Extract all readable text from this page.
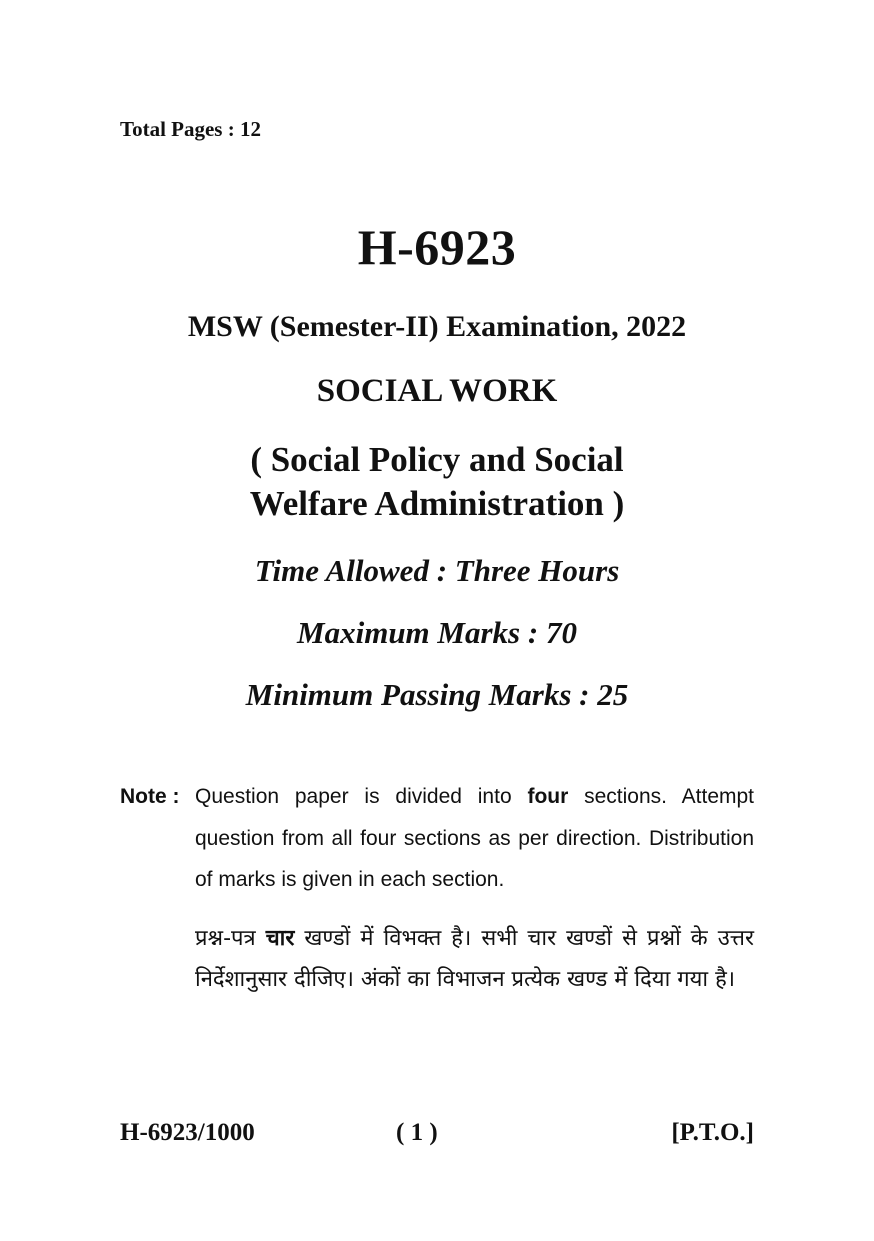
Total Pages : 12
H-6923
MSW (Semester-II) Examination, 2022
SOCIAL WORK
( Social Policy and Social
Welfare Administration )
Time Allowed : Three Hours
Maximum Marks : 70
Minimum Passing Marks : 25
Note : Question paper is divided into four sections. Attempt question from all four sections as per direction. Distribution of marks is given in each section.
प्रश्न-पत्र चार खण्डों में विभक्त है। सभी चार खण्डों से प्रश्नों के उत्तर निर्देशानुसार दीजिए। अंकों का विभाजन प्रत्येक खण्ड में दिया गया है।
H-6923/1000	( 1 )	[P.T.O.]
